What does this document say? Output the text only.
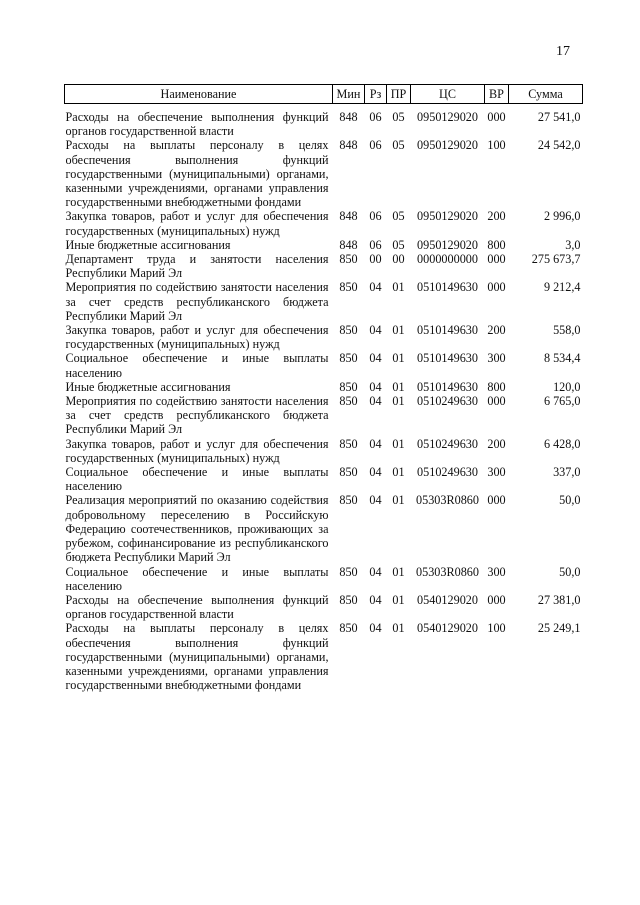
17
Наименование	Мин	Рз	ПР	ЦС	ВР	Сумма
Расходы на обеспечение выполнения функций органов государственной власти	848	06	05	0950129020	000	27 541,0
Расходы на выплаты персоналу в целях обеспечения выполнения функций государственными (муниципальными) органами, казенными учреждениями, органами управления государственными внебюджетными фондами	848	06	05	0950129020	100	24 542,0
Закупка товаров, работ и услуг для обеспечения государственных (муниципальных) нужд	848	06	05	0950129020	200	2 996,0
Иные бюджетные ассигнования	848	06	05	0950129020	800	3,0
Департамент труда и занятости населения Республики Марий Эл	850	00	00	0000000000	000	275 673,7
Мероприятия по содействию занятости населения за счет средств республиканского бюджета Республики Марий Эл	850	04	01	0510149630	000	9 212,4
Закупка товаров, работ и услуг для обеспечения государственных (муниципальных) нужд	850	04	01	0510149630	200	558,0
Социальное обеспечение и иные выплаты населению	850	04	01	0510149630	300	8 534,4
Иные бюджетные ассигнования	850	04	01	0510149630	800	120,0
Мероприятия по содействию занятости населения за счет средств республиканского бюджета Республики Марий Эл	850	04	01	0510249630	000	6 765,0
Закупка товаров, работ и услуг для обеспечения государственных (муниципальных) нужд	850	04	01	0510249630	200	6 428,0
Социальное обеспечение и иные выплаты населению	850	04	01	0510249630	300	337,0
Реализация мероприятий по оказанию содействия добровольному переселению в Российскую Федерацию соотечественников, проживающих за рубежом, софинансирование из республиканского бюджета Республики Марий Эл	850	04	01	05303R0860	000	50,0
Социальное обеспечение и иные выплаты населению	850	04	01	05303R0860	300	50,0
Расходы на обеспечение выполнения функций органов государственной власти	850	04	01	0540129020	000	27 381,0
Расходы на выплаты персоналу в целях обеспечения выполнения функций государственными (муниципальными) органами, казенными учреждениями, органами управления государственными внебюджетными фондами	850	04	01	0540129020	100	25 249,1
